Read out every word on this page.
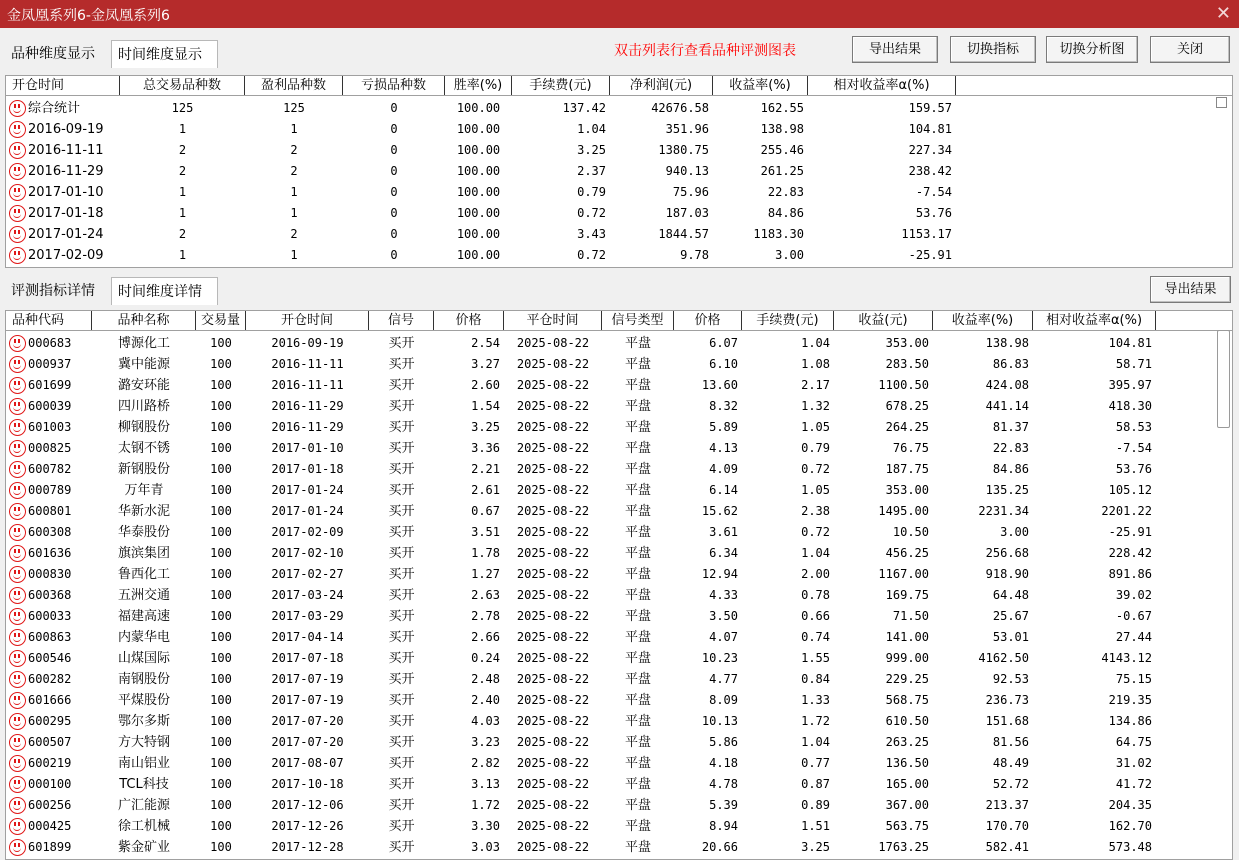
金凤凰系列6-金凤凰系列6	✕
品种维度显示	时间维度显示	双击列表行查看品种评测图表	导出结果	切换指标	切换分析图	关闭
开仓时间	总交易品种数	盈利品种数	亏损品种数	胜率(%)	手续费(元)	净利润(元)	收益率(%)	相对收益率α(%)
综合统计	125	125	0	100.00	137.42	42676.58	162.55	159.57
2016-09-19	1	1	0	100.00	1.04	351.96	138.98	104.81
2016-11-11	2	2	0	100.00	3.25	1380.75	255.46	227.34
2016-11-29	2	2	0	100.00	2.37	940.13	261.25	238.42
2017-01-10	1	1	0	100.00	0.79	75.96	22.83	-7.54
2017-01-18	1	1	0	100.00	0.72	187.03	84.86	53.76
2017-01-24	2	2	0	100.00	3.43	1844.57	1183.30	1153.17
2017-02-09	1	1	0	100.00	0.72	9.78	3.00	-25.91
评测指标详情	时间维度详情	导出结果
品种代码	品种名称	交易量	开仓时间	信号	价格	平仓时间	信号类型	价格	手续费(元)	收益(元)	收益率(%)	相对收益率α(%)
000683	博源化工	100	2016-09-19	买开	2.54	2025-08-22	平盘	6.07	1.04	353.00	138.98	104.81
000937	冀中能源	100	2016-11-11	买开	3.27	2025-08-22	平盘	6.10	1.08	283.50	86.83	58.71
601699	潞安环能	100	2016-11-11	买开	2.60	2025-08-22	平盘	13.60	2.17	1100.50	424.08	395.97
600039	四川路桥	100	2016-11-29	买开	1.54	2025-08-22	平盘	8.32	1.32	678.25	441.14	418.30
601003	柳钢股份	100	2016-11-29	买开	3.25	2025-08-22	平盘	5.89	1.05	264.25	81.37	58.53
000825	太钢不锈	100	2017-01-10	买开	3.36	2025-08-22	平盘	4.13	0.79	76.75	22.83	-7.54
600782	新钢股份	100	2017-01-18	买开	2.21	2025-08-22	平盘	4.09	0.72	187.75	84.86	53.76
000789	万年青	100	2017-01-24	买开	2.61	2025-08-22	平盘	6.14	1.05	353.00	135.25	105.12
600801	华新水泥	100	2017-01-24	买开	0.67	2025-08-22	平盘	15.62	2.38	1495.00	2231.34	2201.22
600308	华泰股份	100	2017-02-09	买开	3.51	2025-08-22	平盘	3.61	0.72	10.50	3.00	-25.91
601636	旗滨集团	100	2017-02-10	买开	1.78	2025-08-22	平盘	6.34	1.04	456.25	256.68	228.42
000830	鲁西化工	100	2017-02-27	买开	1.27	2025-08-22	平盘	12.94	2.00	1167.00	918.90	891.86
600368	五洲交通	100	2017-03-24	买开	2.63	2025-08-22	平盘	4.33	0.78	169.75	64.48	39.02
600033	福建高速	100	2017-03-29	买开	2.78	2025-08-22	平盘	3.50	0.66	71.50	25.67	-0.67
600863	内蒙华电	100	2017-04-14	买开	2.66	2025-08-22	平盘	4.07	0.74	141.00	53.01	27.44
600546	山煤国际	100	2017-07-18	买开	0.24	2025-08-22	平盘	10.23	1.55	999.00	4162.50	4143.12
600282	南钢股份	100	2017-07-19	买开	2.48	2025-08-22	平盘	4.77	0.84	229.25	92.53	75.15
601666	平煤股份	100	2017-07-19	买开	2.40	2025-08-22	平盘	8.09	1.33	568.75	236.73	219.35
600295	鄂尔多斯	100	2017-07-20	买开	4.03	2025-08-22	平盘	10.13	1.72	610.50	151.68	134.86
600507	方大特钢	100	2017-07-20	买开	3.23	2025-08-22	平盘	5.86	1.04	263.25	81.56	64.75
600219	南山铝业	100	2017-08-07	买开	2.82	2025-08-22	平盘	4.18	0.77	136.50	48.49	31.02
000100	TCL科技	100	2017-10-18	买开	3.13	2025-08-22	平盘	4.78	0.87	165.00	52.72	41.72
600256	广汇能源	100	2017-12-06	买开	1.72	2025-08-22	平盘	5.39	0.89	367.00	213.37	204.35
000425	徐工机械	100	2017-12-26	买开	3.30	2025-08-22	平盘	8.94	1.51	563.75	170.70	162.70
601899	紫金矿业	100	2017-12-28	买开	3.03	2025-08-22	平盘	20.66	3.25	1763.25	582.41	573.48
